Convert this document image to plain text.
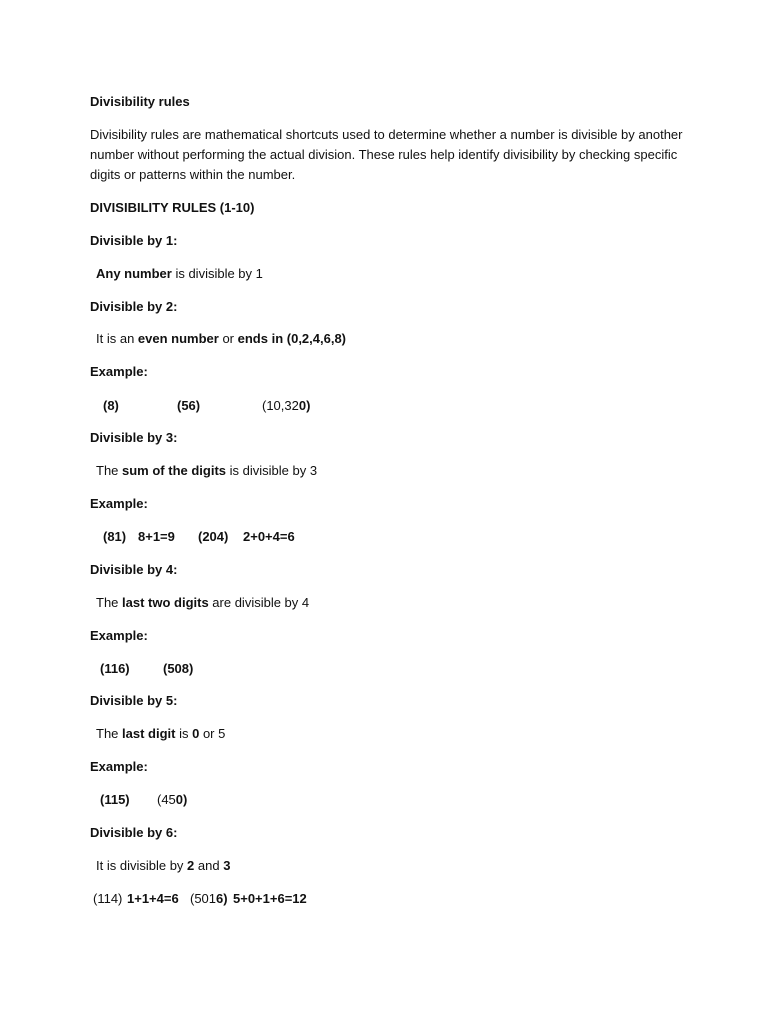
Divisibility rules
Divisibility rules are mathematical shortcuts used to determine whether a number is divisible by another
number without performing the actual division. These rules help identify divisibility by checking specific
digits or patterns within the number.
DIVISIBILITY RULES (1-10)
Divisible by 1:
Any number is divisible by 1
Divisible by 2:
It is an even number or ends in (0,2,4,6,8)
Example:
(8)	(56)	(10,320)
Divisible by 3:
The sum of the digits is divisible by 3
Example:
(81) 8+1=9 (204) 2+0+4=6
Divisible by 4:
The last two digits are divisible by 4
Example:
(116)	(508)
Divisible by 5:
The last digit is 0 or 5
Example:
(115) (450)
Divisible by 6:
It is divisible by 2 and 3
(114) 1+1+4=6 (5016) 5+0+1+6=12
